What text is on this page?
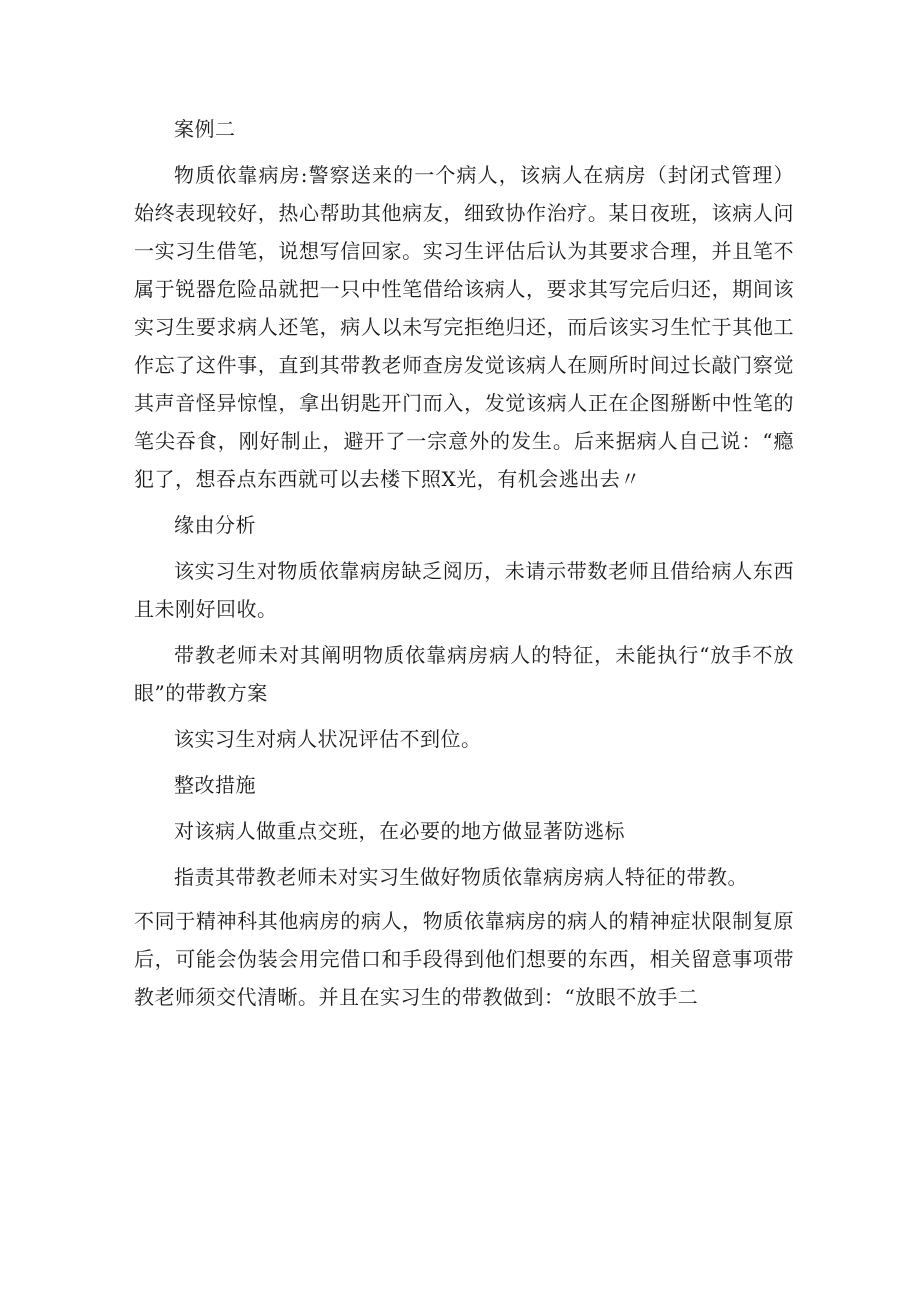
案例二

物质依靠病房:警察送来的一个病人，该病人在病房（封闭式管理）始终表现较好，热心帮助其他病友，细致协作治疗。某日夜班，该病人问一实习生借笔，说想写信回家。实习生评估后认为其要求合理，并且笔不属于锐器危险品就把一只中性笔借给该病人，要求其写完后归还，期间该实习生要求病人还笔，病人以未写完拒绝归还，而后该实习生忙于其他工作忘了这件事，直到其带教老师查房发觉该病人在厕所时间过长敲门察觉其声音怪异惊惶，拿出钥匙开门而入，发觉该病人正在企图掰断中性笔的笔尖吞食，刚好制止，避开了一宗意外的发生。后来据病人自己说：“瘾犯了，想吞点东西就可以去楼下照X光，有机会逃出去〃

缘由分析

该实习生对物质依靠病房缺乏阅历，未请示带数老师且借给病人东西且未刚好回收。

带教老师未对其阐明物质依靠病房病人的特征，未能执行“放手不放眼”的带教方案

该实习生对病人状况评估不到位。

整改措施

对该病人做重点交班，在必要的地方做显著防逃标

指责其带教老师未对实习生做好物质依靠病房病人特征的带教。

不同于精神科其他病房的病人，物质依靠病房的病人的精神症状限制复原后，可能会伪装会用完借口和手段得到他们想要的东西，相关留意事项带教老师须交代清晰。并且在实习生的带教做到：“放眼不放手二
